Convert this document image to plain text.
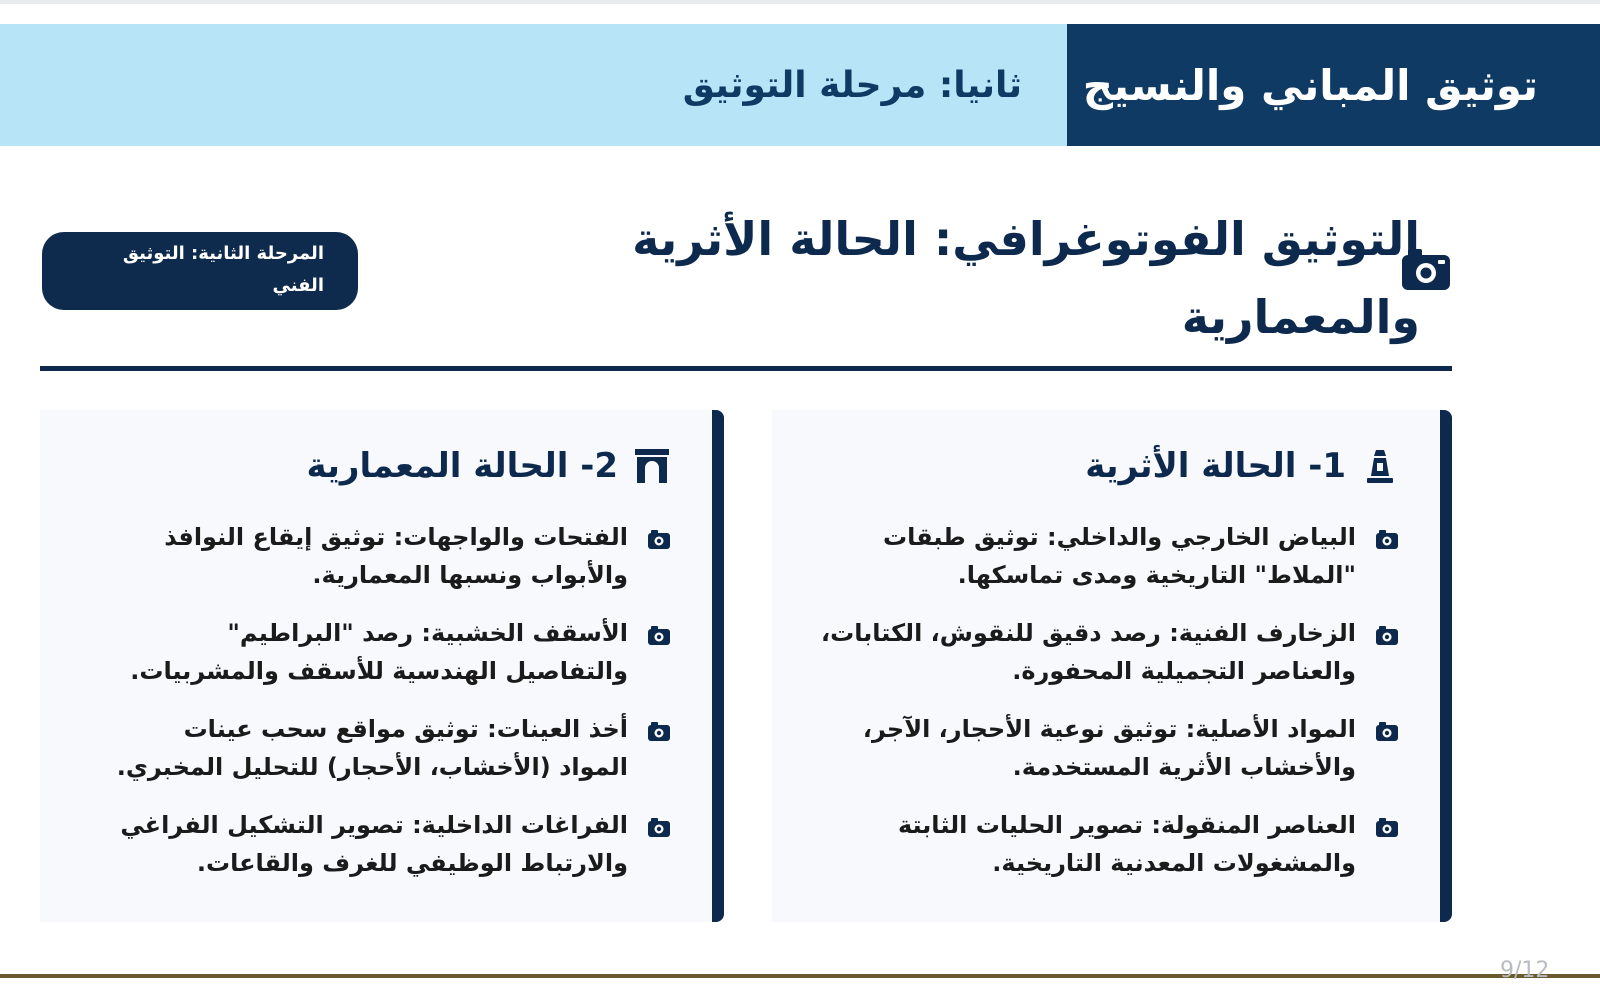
توثيق المباني والنسيج
ثانيا: مرحلة التوثيق
التوثيق الفوتوغرافي: الحالة الأثرية
والمعمارية
المرحلة الثانية: التوثيق
الفني
1- الحالة الأثرية
البياض الخارجي والداخلي: توثيق طبقات
"الملاط" التاريخية ومدى تماسكها.
الزخارف الفنية: رصد دقيق للنقوش، الكتابات،
والعناصر التجميلية المحفورة.
المواد الأصلية: توثيق نوعية الأحجار، الآجر،
والأخشاب الأثرية المستخدمة.
العناصر المنقولة: تصوير الحليات الثابتة
والمشغولات المعدنية التاريخية.
2- الحالة المعمارية
الفتحات والواجهات: توثيق إيقاع النوافذ
والأبواب ونسبها المعمارية.
الأسقف الخشبية: رصد "البراطيم"
والتفاصيل الهندسية للأسقف والمشربيات.
أخذ العينات: توثيق مواقع سحب عينات
المواد (الأخشاب، الأحجار) للتحليل المخبري.
الفراغات الداخلية: تصوير التشكيل الفراغي
والارتباط الوظيفي للغرف والقاعات.
9/12
